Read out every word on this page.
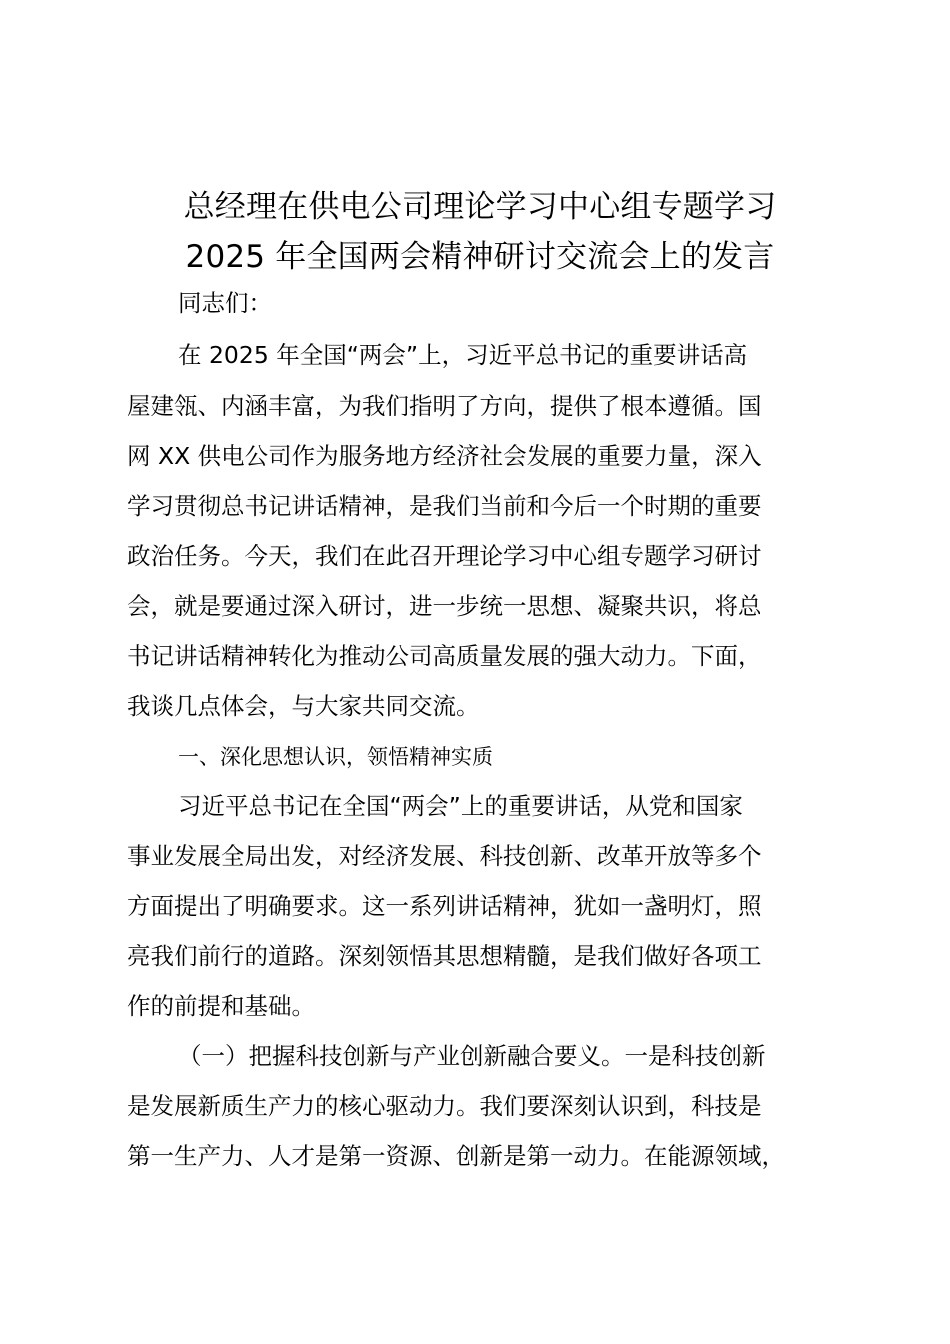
总经理在供电公司理论学习中心组专题学习
2025 年全国两会精神研讨交流会上的发言
同志们：
在 2025 年全国“两会”上，习近平总书记的重要讲话高
屋建瓴、内涵丰富，为我们指明了方向，提供了根本遵循。国
网 XX 供电公司作为服务地方经济社会发展的重要力量，深入
学习贯彻总书记讲话精神，是我们当前和今后一个时期的重要
政治任务。今天，我们在此召开理论学习中心组专题学习研讨
会，就是要通过深入研讨，进一步统一思想、凝聚共识，将总
书记讲话精神转化为推动公司高质量发展的强大动力。下面，
我谈几点体会，与大家共同交流。
一、深化思想认识，领悟精神实质
习近平总书记在全国“两会”上的重要讲话，从党和国家
事业发展全局出发，对经济发展、科技创新、改革开放等多个
方面提出了明确要求。这一系列讲话精神，犹如一盏明灯，照
亮我们前行的道路。深刻领悟其思想精髓，是我们做好各项工
作的前提和基础。
（一）把握科技创新与产业创新融合要义。一是科技创新
是发展新质生产力的核心驱动力。我们要深刻认识到，科技是
第一生产力、人才是第一资源、创新是第一动力。在能源领域，
